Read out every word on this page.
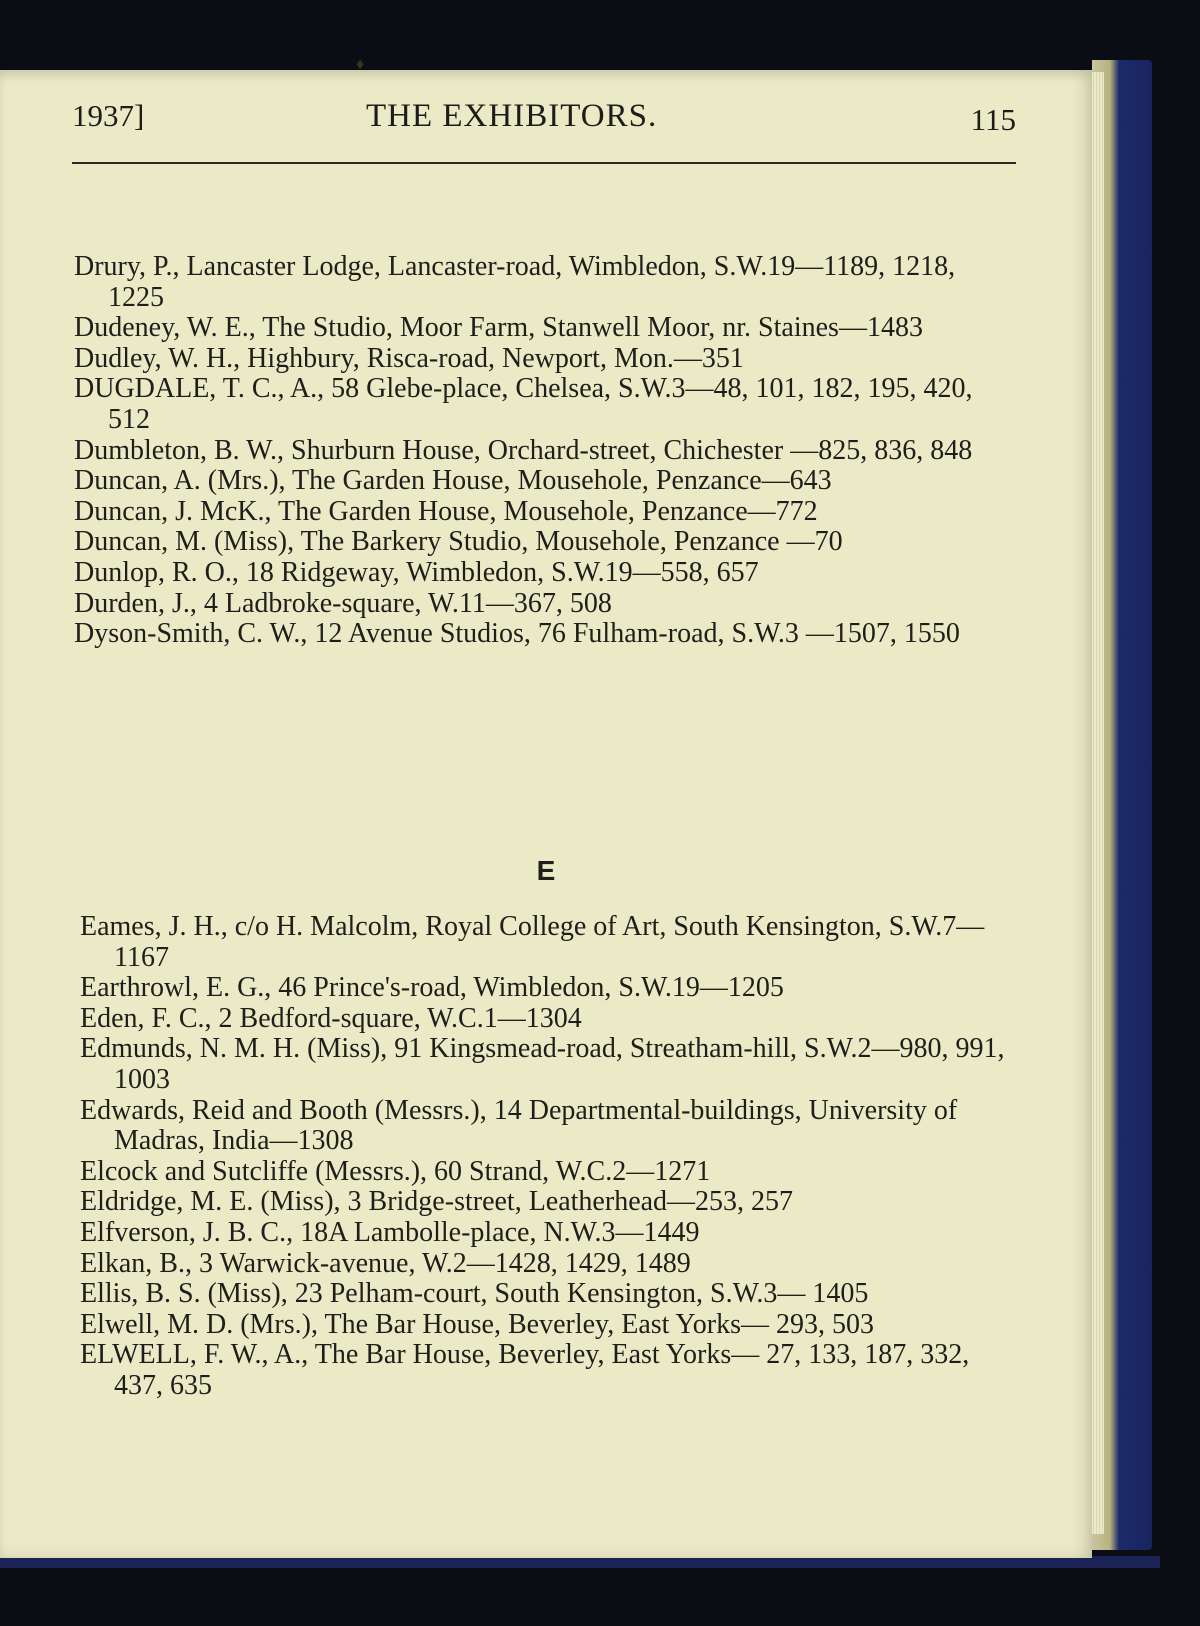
♦
1937]	THE EXHIBITORS.	115
Drury, P., Lancaster Lodge, Lancaster-road, Wimbledon, S.W.19—1189, 1218, 1225
Dudeney, W. E., The Studio, Moor Farm, Stanwell Moor, nr. Staines—1483
Dudley, W. H., Highbury, Risca-road, Newport, Mon.—351
DUGDALE, T. C., A., 58 Glebe-place, Chelsea, S.W.3—48, 101, 182, 195, 420, 512
Dumbleton, B. W., Shurburn House, Orchard-street, Chichester —825, 836, 848
Duncan, A. (Mrs.), The Garden House, Mousehole, Penzance—643
Duncan, J. McK., The Garden House, Mousehole, Penzance—772
Duncan, M. (Miss), The Barkery Studio, Mousehole, Penzance —70
Dunlop, R. O., 18 Ridgeway, Wimbledon, S.W.19—558, 657
Durden, J., 4 Ladbroke-square, W.11—367, 508
Dyson-Smith, C. W., 12 Avenue Studios, 76 Fulham-road, S.W.3 —1507, 1550
E
Eames, J. H., c/o H. Malcolm, Royal College of Art, South Kensington, S.W.7—1167
Earthrowl, E. G., 46 Prince's-road, Wimbledon, S.W.19—1205
Eden, F. C., 2 Bedford-square, W.C.1—1304
Edmunds, N. M. H. (Miss), 91 Kingsmead-road, Streatham-hill, S.W.2—980, 991, 1003
Edwards, Reid and Booth (Messrs.), 14 Departmental-buildings, University of Madras, India—1308
Elcock and Sutcliffe (Messrs.), 60 Strand, W.C.2—1271
Eldridge, M. E. (Miss), 3 Bridge-street, Leatherhead—253, 257
Elfverson, J. B. C., 18A Lambolle-place, N.W.3—1449
Elkan, B., 3 Warwick-avenue, W.2—1428, 1429, 1489
Ellis, B. S. (Miss), 23 Pelham-court, South Kensington, S.W.3— 1405
Elwell, M. D. (Mrs.), The Bar House, Beverley, East Yorks— 293, 503
ELWELL, F. W., A., The Bar House, Beverley, East Yorks— 27, 133, 187, 332, 437, 635
